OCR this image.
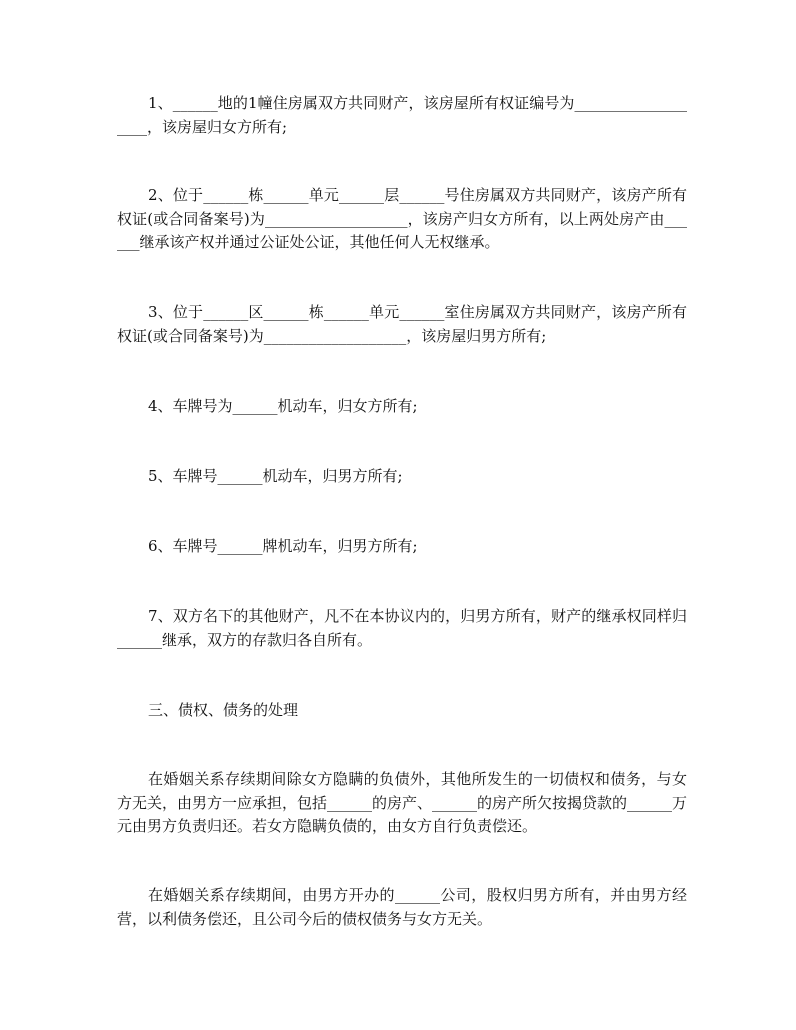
1、______地的1幢住房属双方共同财产，该房屋所有权证编号为___________________，该房屋归女方所有;

2、位于______栋______单元______层______号住房属双方共同财产，该房产所有权证(或合同备案号)为___________________，该房产归女方所有，以上两处房产由______继承该产权并通过公证处公证，其他任何人无权继承。

3、位于______区______栋______单元______室住房属双方共同财产，该房产所有权证(或合同备案号)为___________________，该房屋归男方所有;

4、车牌号为______机动车，归女方所有;

5、车牌号______机动车，归男方所有;

6、车牌号______牌机动车，归男方所有;

7、双方名下的其他财产，凡不在本协议内的，归男方所有，财产的继承权同样归______继承，双方的存款归各自所有。

三、债权、债务的处理

在婚姻关系存续期间除女方隐瞒的负债外，其他所发生的一切债权和债务，与女方无关，由男方一应承担，包括______的房产、______的房产所欠按揭贷款的______万元由男方负责归还。若女方隐瞒负债的，由女方自行负责偿还。

在婚姻关系存续期间，由男方开办的______公司，股权归男方所有，并由男方经营，以利债务偿还，且公司今后的债权债务与女方无关。
